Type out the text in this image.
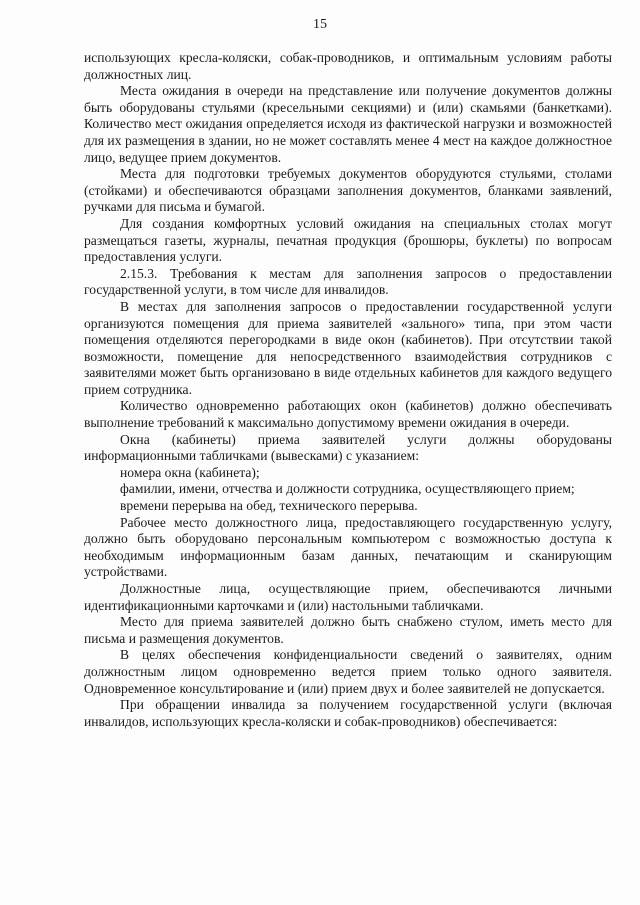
15

использующих кресла-коляски, собак-проводников, и оптимальным условиям работы должностных лиц.

Места ожидания в очереди на представление или получение документов должны быть оборудованы стульями (кресельными секциями) и (или) скамьями (банкетками). Количество мест ожидания определяется исходя из фактической нагрузки и возможностей для их размещения в здании, но не может составлять менее 4 мест на каждое должностное лицо, ведущее прием документов.

Места для подготовки требуемых документов оборудуются стульями, столами (стойками) и обеспечиваются образцами заполнения документов, бланками заявлений, ручками для письма и бумагой.

Для создания комфортных условий ожидания на специальных столах могут размещаться газеты, журналы, печатная продукция (брошюры, буклеты) по вопросам предоставления услуги.

2.15.3. Требования к местам для заполнения запросов о предоставлении государственной услуги, в том числе для инвалидов.

В местах для заполнения запросов о предоставлении государственной услуги организуются помещения для приема заявителей «зального» типа, при этом части помещения отделяются перегородками в виде окон (кабинетов). При отсутствии такой возможности, помещение для непосредственного взаимодействия сотрудников с заявителями может быть организовано в виде отдельных кабинетов для каждого ведущего прием сотрудника.

Количество одновременно работающих окон (кабинетов) должно обеспечивать выполнение требований к максимально допустимому времени ожидания в очереди.

Окна (кабинеты) приема заявителей услуги должны оборудованы информационными табличками (вывесками) с указанием:

номера окна (кабинета);

фамилии, имени, отчества и должности сотрудника, осуществляющего прием;

времени перерыва на обед, технического перерыва.

Рабочее место должностного лица, предоставляющего государственную услугу, должно быть оборудовано персональным компьютером с возможностью доступа к необходимым информационным базам данных, печатающим и сканирующим устройствами.

Должностные лица, осуществляющие прием, обеспечиваются личными идентификационными карточками и (или) настольными табличками.

Место для приема заявителей должно быть снабжено стулом, иметь место для письма и размещения документов.

В целях обеспечения конфиденциальности сведений о заявителях, одним должностным лицом одновременно ведется прием только одного заявителя. Одновременное консультирование и (или) прием двух и более заявителей не допускается.

При обращении инвалида за получением государственной услуги (включая инвалидов, использующих кресла-коляски и собак-проводников) обеспечивается:
